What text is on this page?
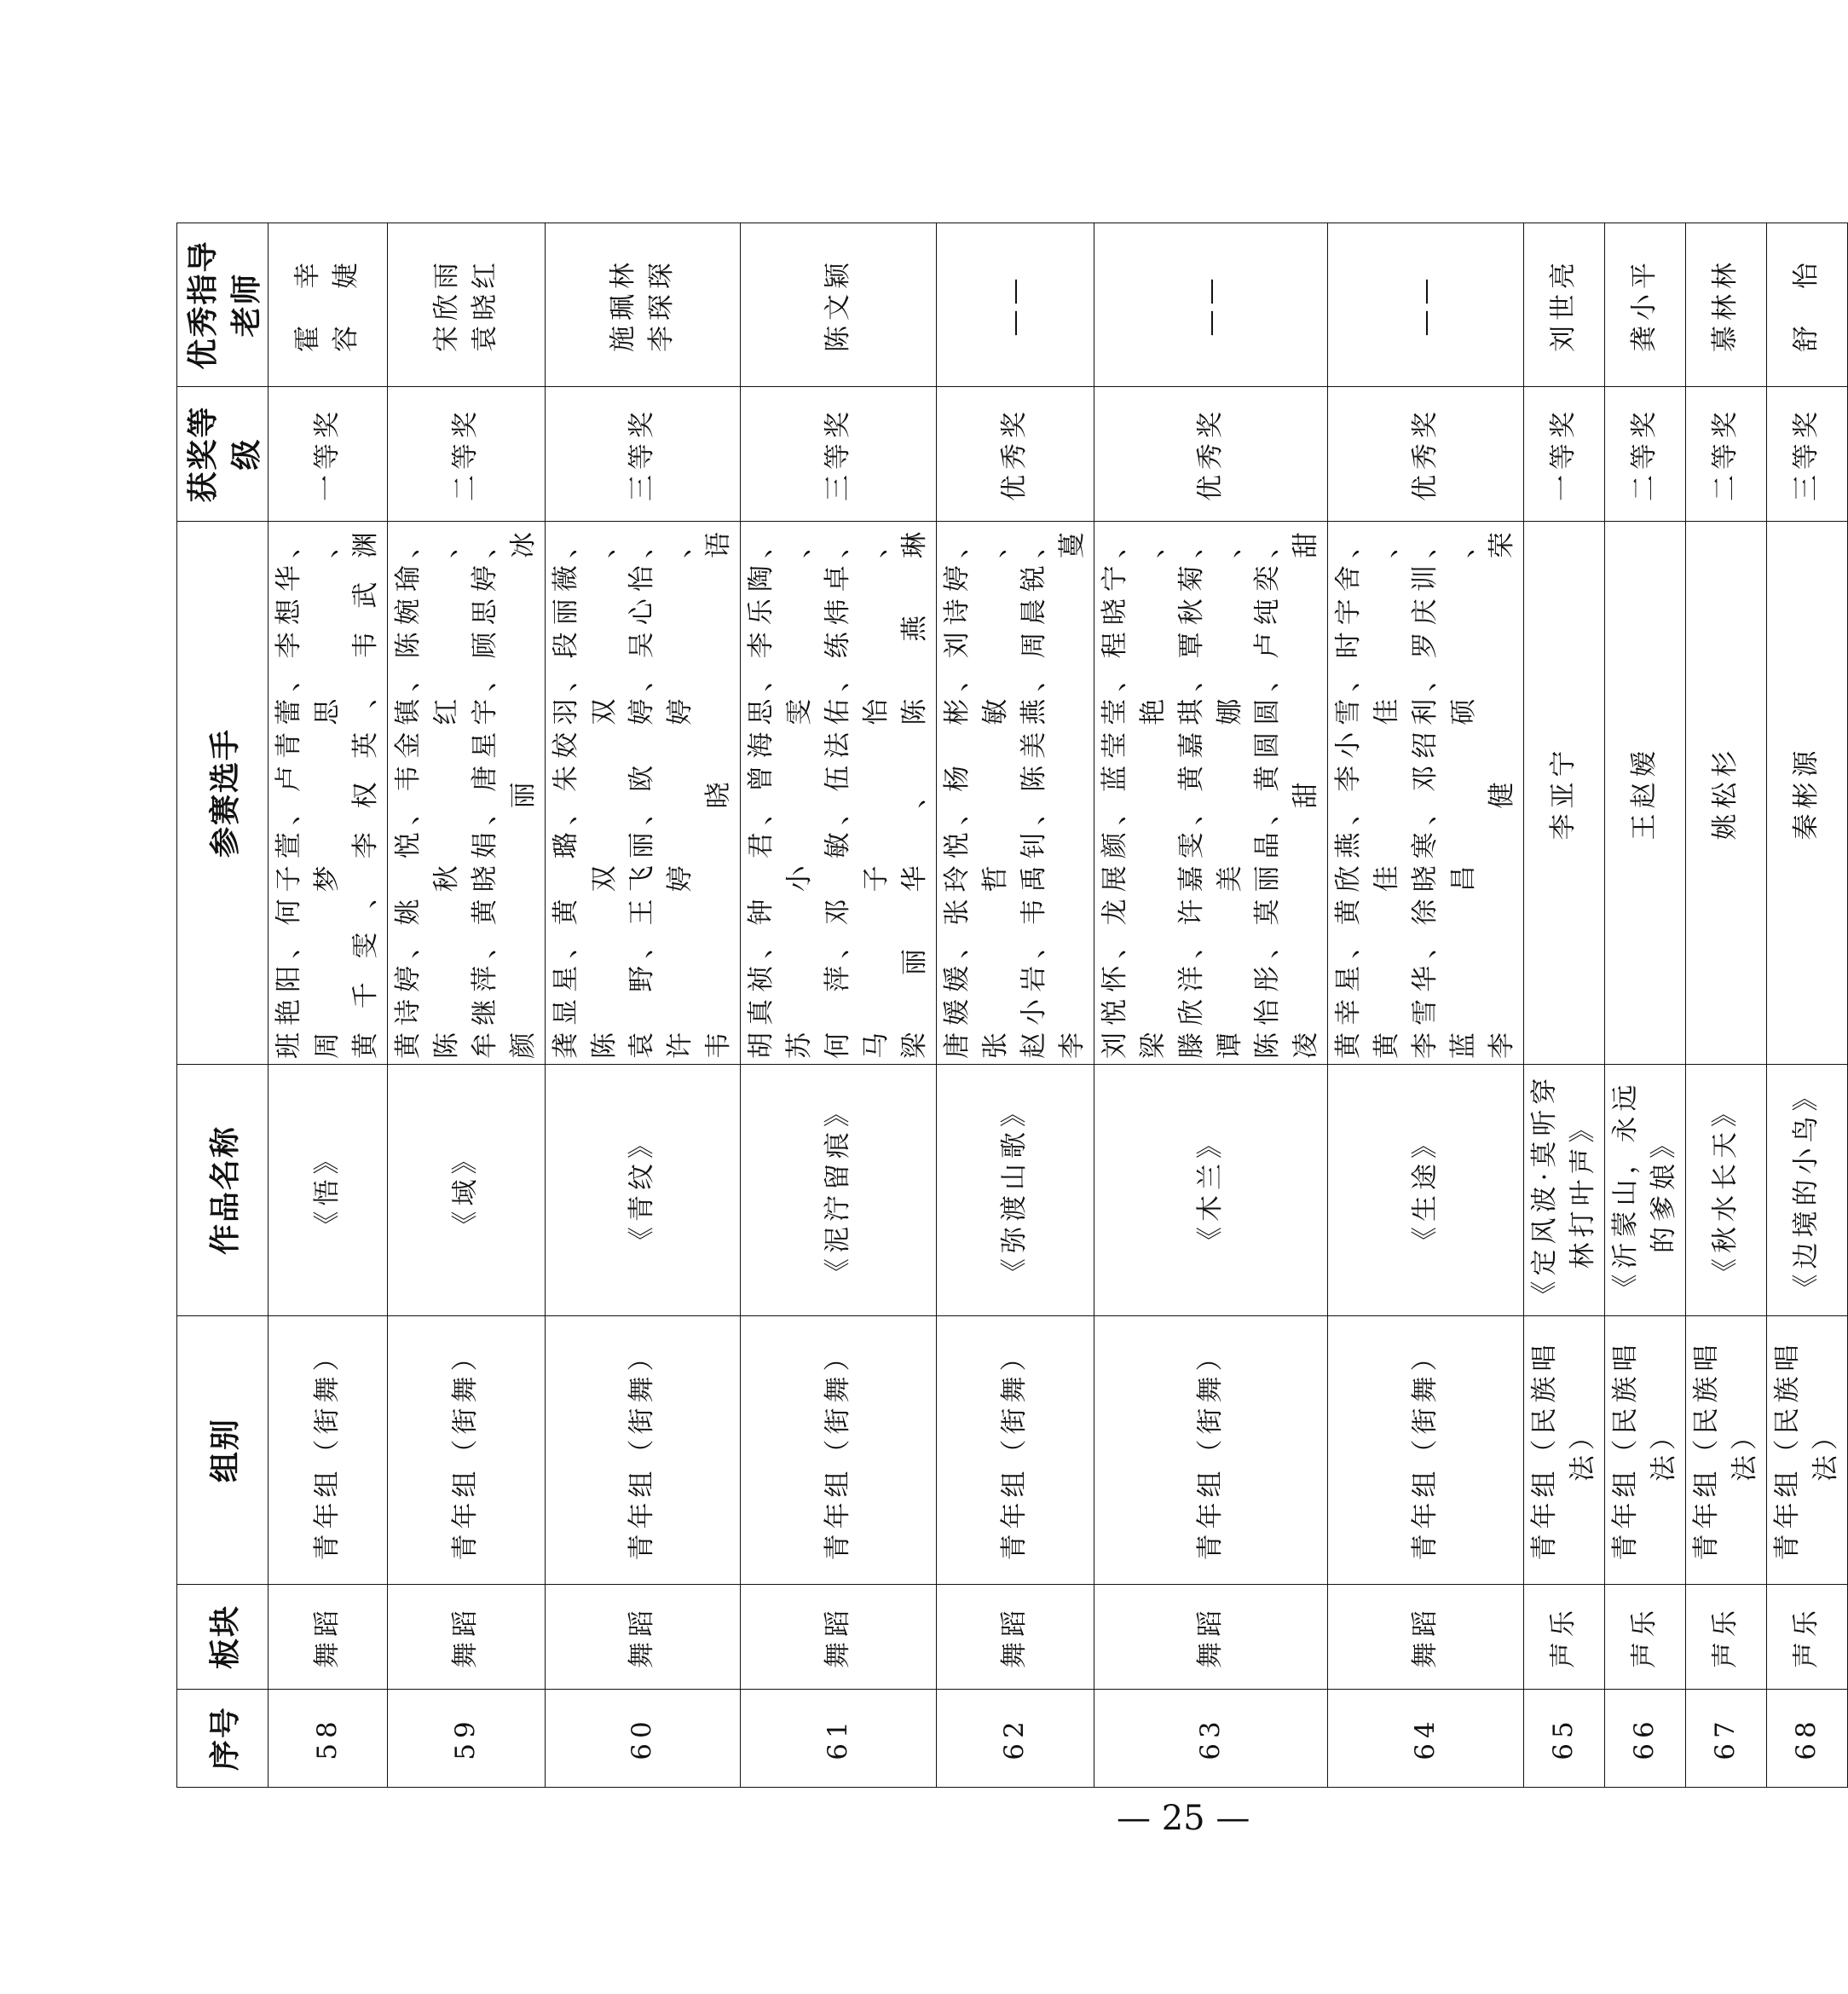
序号	板块	组别	作品名称	参赛选手	获奖等级	优秀指导老师
58	舞蹈	青年组（街舞）	《悟》	班艳阳、何子萱、卢青蕾、李想华、周梦思、 黄千雯、李权英、韦武渊	一等奖	霍　幸 容　婕

59	舞蹈	青年组（街舞）	《域》	黄诗婷、姚　悦、韦金镇、陈婉瑜、陈秋红、 牟继萍、黄晓娟、唐星宇、顾思婷、颜丽冰	二等奖	宋欣雨 袁晓红

60	舞蹈	青年组（街舞）	《青纹》	龚显星、黄　璐、朱姣羽、段丽薇、陈双双、 袁　野、王飞丽、欧　婷、吴心怡、许婷婷、 韦晓语	三等奖	施珮林 李琛琛

61	舞蹈	青年组（街舞）	《泥泞留痕》	胡真祯、钟　君、曾海思、李乐陶、苏小雯、 何　萍、邓　敏、伍法佑、练炜卓、马子怡、 梁丽华、陈燕琳	三等奖	陈文颖

62	舞蹈	青年组（街舞）	《弥渡山歌》	唐媛媛、张玲悦、杨　彬、刘诗婷、张哲敏、 赵小岩、韦禹钊、陈美燕、周晨锐、李　蔓	优秀奖	——

63	舞蹈	青年组（街舞）	《木兰》	刘悦怀、龙展颜、蓝莹莹、程晓宁、梁　艳、 滕欣洋、许嘉雯、黄嘉琪、覃秋菊、谭美娜、 陈怡彤、莫丽晶、黄圆圆、卢纯奕、凌甜甜	优秀奖	——

64	舞蹈	青年组（街舞）	《生途》	黄幸星、黄欣燕、李小雪、时宇舍、黄佳佳、 李雪华、徐晓寒、邓绍利、罗庆训、蓝昌硕、 李健荣	优秀奖	——

65	声乐	青年组（民族唱法）	《定风波·莫听穿林打叶声》	李亚宁	一等奖	刘世亮

66	声乐	青年组（民族唱法）	《沂蒙山，永远的爹娘》	王赵嫒	二等奖	龚小平

67	声乐	青年组（民族唱法）	《秋水长天》	姚松杉	二等奖	慕林林

68	声乐	青年组（民族唱法）	《边境的小鸟》	秦彬源	三等奖	舒　怡
— 25 —
